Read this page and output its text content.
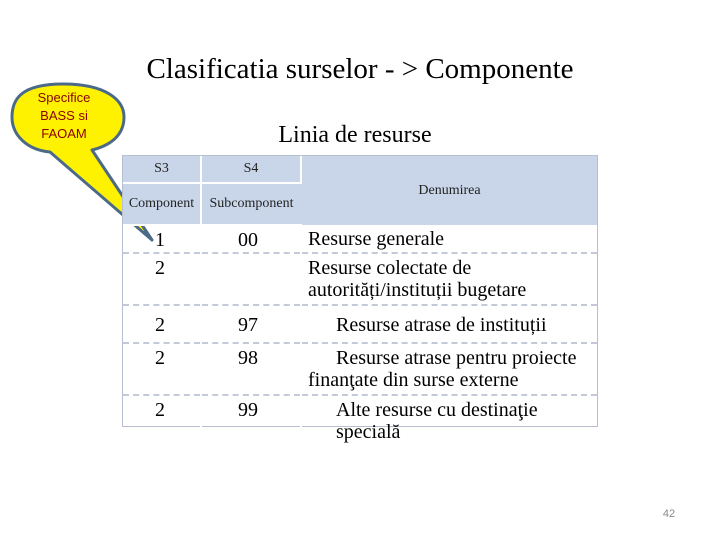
Clasificatia surselor - > Componente
Linia de resurse
Specifice
BASS si
FAOAM
S3	S4	Denumirea
Component	Subcomponent	

1	00	Resurse generale

2		Resurse colectate de autorități/instituții bugetare

2	97	Resurse atrase de instituții

2	98	Resurse atrase pentru proiecte finanţate din surse externe

2	99	Alte resurse cu destinaţie specială
42
